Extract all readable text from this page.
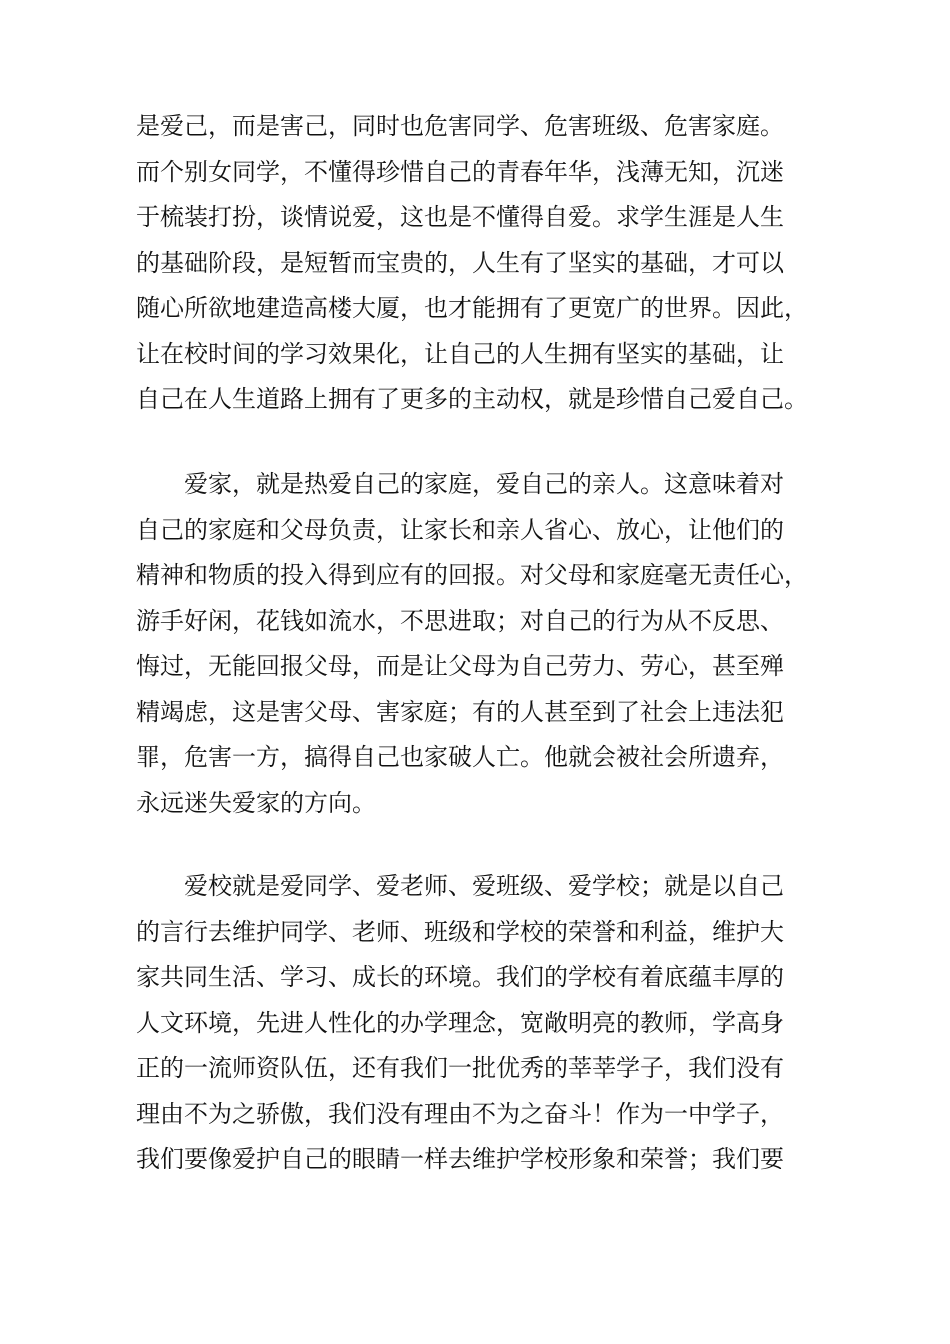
是爱己，而是害己，同时也危害同学、危害班级、危害家庭。
而个别女同学，不懂得珍惜自己的青春年华，浅薄无知，沉迷
于梳装打扮，谈情说爱，这也是不懂得自爱。求学生涯是人生
的基础阶段，是短暂而宝贵的，人生有了坚实的基础，才可以
随心所欲地建造高楼大厦，也才能拥有了更宽广的世界。因此，
让在校时间的学习效果化，让自己的人生拥有坚实的基础，让
自己在人生道路上拥有了更多的主动权，就是珍惜自己爱自己。
　　爱家，就是热爱自己的家庭，爱自己的亲人。这意味着对
自己的家庭和父母负责，让家长和亲人省心、放心，让他们的
精神和物质的投入得到应有的回报。对父母和家庭毫无责任心，
游手好闲，花钱如流水，不思进取；对自己的行为从不反思、
悔过，无能回报父母，而是让父母为自己劳力、劳心，甚至殚
精竭虑，这是害父母、害家庭；有的人甚至到了社会上违法犯
罪，危害一方，搞得自己也家破人亡。他就会被社会所遗弃，
永远迷失爱家的方向。
　　爱校就是爱同学、爱老师、爱班级、爱学校；就是以自己
的言行去维护同学、老师、班级和学校的荣誉和利益，维护大
家共同生活、学习、成长的环境。我们的学校有着底蕴丰厚的
人文环境，先进人性化的办学理念，宽敞明亮的教师，学高身
正的一流师资队伍，还有我们一批优秀的莘莘学子，我们没有
理由不为之骄傲，我们没有理由不为之奋斗！作为一中学子，
我们要像爱护自己的眼睛一样去维护学校形象和荣誉；我们要
